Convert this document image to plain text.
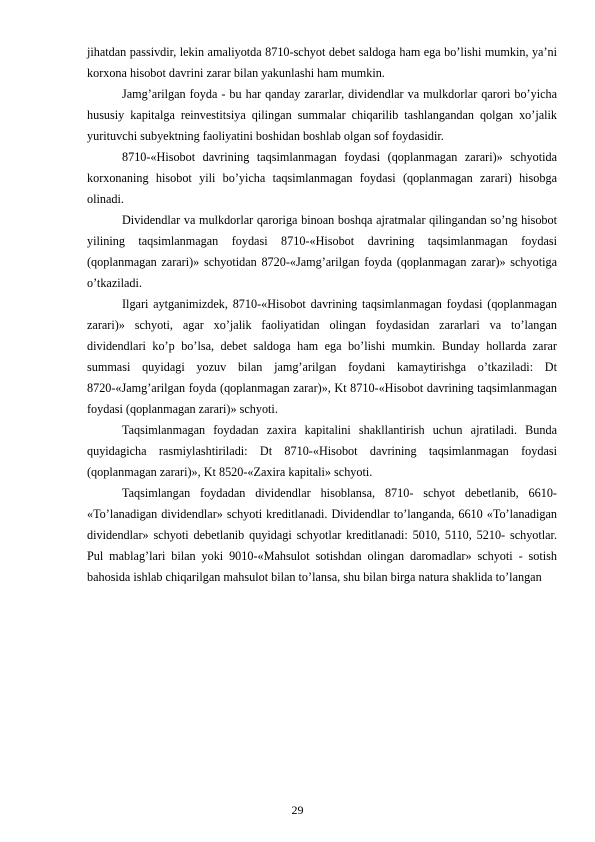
jihatdan passivdir, lekin amaliyotda 8710-schyot debet saldoga ham ega bo’lishi mumkin, ya’ni korxona hisobot davrini zarar bilan yakunlashi ham mumkin.

Jamg’arilgan foyda - bu har qanday zararlar, dividendlar va mulkdorlar qarori bo’yicha hususiy kapitalga reinvestitsiya qilingan summalar chiqarilib tashlangandan qolgan xo’jalik yurituvchi subyektning faoliyatini boshidan boshlab olgan sof foydasidir.

8710-«Hisobot davrining taqsimlanmagan foydasi (qoplanmagan zarari)» schyotida korxonaning hisobot yili bo’yicha taqsimlanmagan foydasi (qoplanmagan zarari) hisobga olinadi.

Dividendlar va mulkdorlar qaroriga binoan boshqa ajratmalar qilingandan so’ng hisobot yilining taqsimlanmagan foydasi 8710-«Hisobot davrining taqsimlanmagan foydasi (qoplanmagan zarari)» schyotidan 8720-«Jamg’arilgan foyda (qoplanmagan zarar)» schyotiga o’tkaziladi.

Ilgari aytganimizdek, 8710-«Hisobot davrining taqsimlanmagan foydasi (qoplanmagan zarari)» schyoti, agar xo’jalik faoliyatidan olingan foydasidan zararlari va to’langan dividendlari ko’p bo’lsa, debet saldoga ham ega bo’lishi mumkin. Bunday hollarda zarar summasi quyidagi yozuv bilan jamg’arilgan foydani kamaytirishga o’tkaziladi: Dt 8720-«Jamg’arilgan foyda (qoplanmagan zarar)», Kt 8710-«Hisobot davrining taqsimlanmagan foydasi (qoplanmagan zarari)» schyoti.

Taqsimlanmagan foydadan zaxira kapitalini shakllantirish uchun ajratiladi. Bunda quyidagicha rasmiylashtiriladi: Dt 8710-«Hisobot davrining taqsimlanmagan foydasi (qoplanmagan zarari)», Kt 8520-«Zaxira kapitali» schyoti.

Taqsimlangan foydadan dividendlar hisoblansa, 8710- schyot debetlanib, 6610- «To’lanadigan dividendlar» schyoti kreditlanadi. Dividendlar to’langanda, 6610 «To’lanadigan dividendlar» schyoti debetlanib quyidagi schyotlar kreditlanadi: 5010, 5110, 5210- schyotlar. Pul mablag’lari bilan yoki 9010-«Mahsulot sotishdan olingan daromadlar» schyoti - sotish bahosida ishlab chiqarilgan mahsulot bilan to’lansa, shu bilan birga natura shaklida to’langan

29
